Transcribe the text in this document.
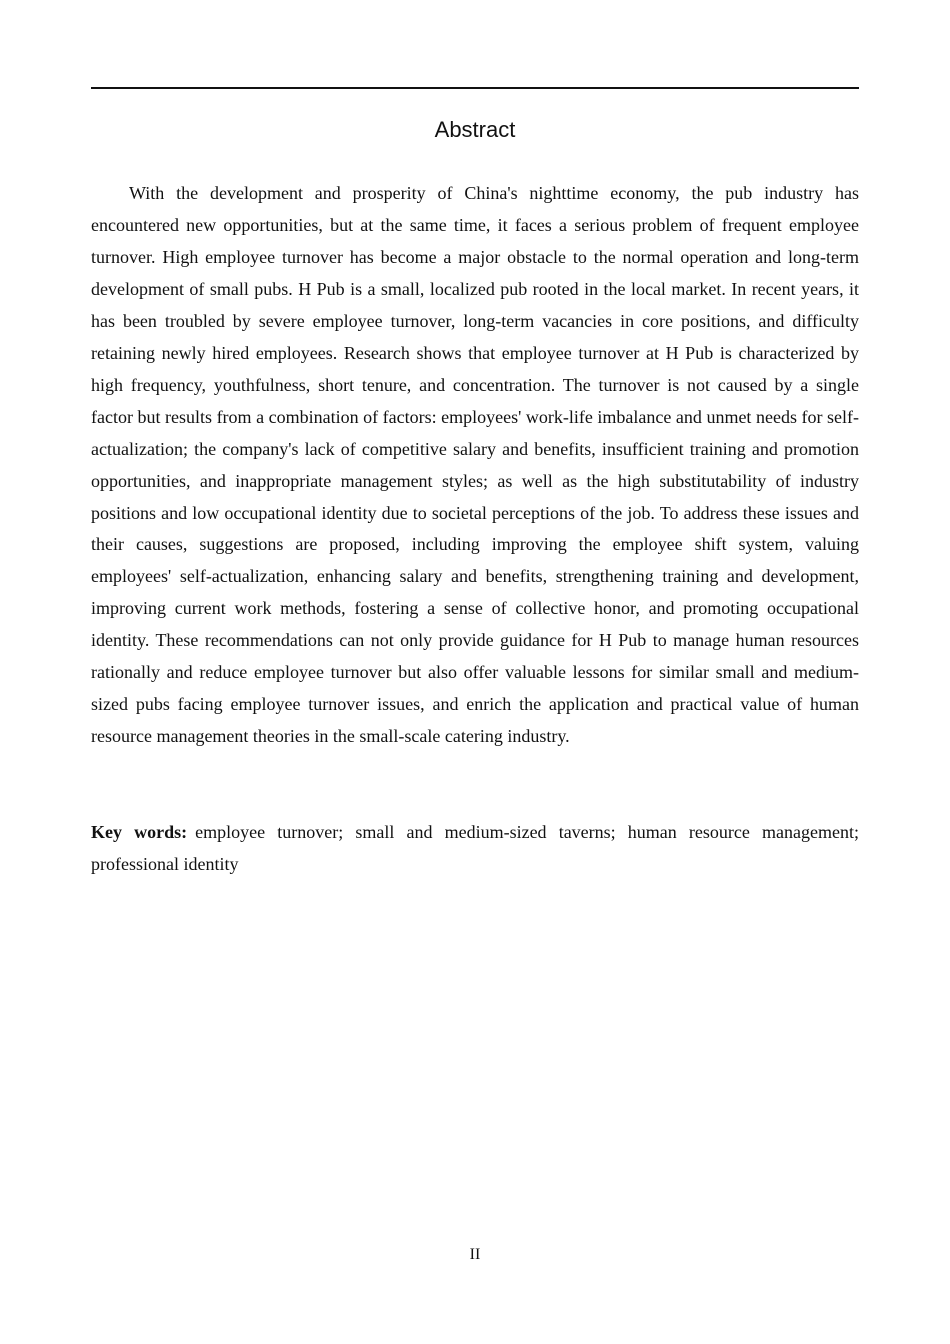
Abstract

With the development and prosperity of China's nighttime economy, the pub industry has encountered new opportunities, but at the same time, it faces a serious problem of frequent employee turnover. High employee turnover has become a major obstacle to the normal operation and long-term development of small pubs. H Pub is a small, localized pub rooted in the local market. In recent years, it has been troubled by severe employee turnover, long-term vacancies in core positions, and difficulty retaining newly hired employees. Research shows that employee turnover at H Pub is characterized by high frequency, youthfulness, short tenure, and concentration. The turnover is not caused by a single factor but results from a combination of factors: employees' work-life imbalance and unmet needs for self-actualization; the company's lack of competitive salary and benefits, insufficient training and promotion opportunities, and inappropriate management styles; as well as the high substitutability of industry positions and low occupational identity due to societal perceptions of the job. To address these issues and their causes, suggestions are proposed, including improving the employee shift system, valuing employees' self-actualization, enhancing salary and benefits, strengthening training and development, improving current work methods, fostering a sense of collective honor, and promoting occupational identity. These recommendations can not only provide guidance for H Pub to manage human resources rationally and reduce employee turnover but also offer valuable lessons for similar small and medium-sized pubs facing employee turnover issues, and enrich the application and practical value of human resource management theories in the small-scale catering industry.

Key words: employee turnover; small and medium-sized taverns; human resource management; professional identity

II
